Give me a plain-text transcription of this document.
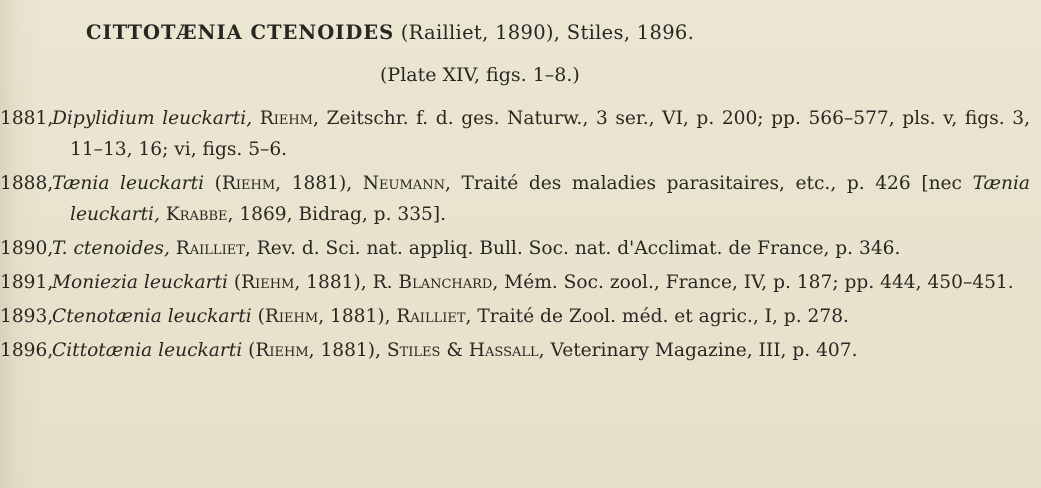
CITTOTÆNIA CTENOIDES (Railliet, 1890), Stiles, 1896.
(Plate XIV, figs. 1–8.)
1881,Dipylidium leuckarti, Riehm, Zeitschr. f. d. ges. Naturw., 3 ser., VI, p. 200; pp. 566–577, pls. v, figs. 3, 11–13, 16; vi, figs. 5–6.
1888,Tænia leuckarti (Riehm, 1881), Neumann, Traité des maladies parasitaires, etc., p. 426 [nec Tænia leuckarti, Krabbe, 1869, Bidrag, p. 335].
1890,T. ctenoides, Railliet, Rev. d. Sci. nat. appliq. Bull. Soc. nat. d'Acclimat. de France, p. 346.
1891,Moniezia leuckarti (Riehm, 1881), R. Blanchard, Mém. Soc. zool., France, IV, p. 187; pp. 444, 450–451.
1893,Ctenotænia leuckarti (Riehm, 1881), Railliet, Traité de Zool. méd. et agric., I, p. 278.
1896,Cittotænia leuckarti (Riehm, 1881), Stiles & Hassall, Veterinary Magazine, III, p. 407.
